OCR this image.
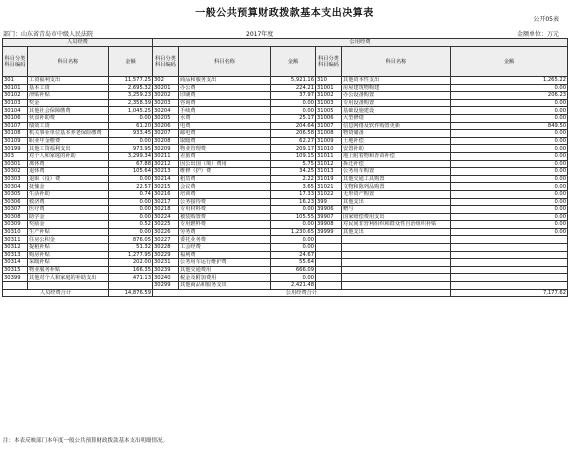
一般公共预算财政拨款基本支出决算表
公开05表
部门：山东省青岛市中级人民法院	2017年度	金额单位：万元
人员经费			公用经费					
科目分类科目编码	科目名称	金额	科目分类科目编码	科目名称	金额	科目分类科目编码	科目名称	金额
301	工资福利支出	11,577.25	302	商品和服务支出	5,921.16	310	其他资本性支出	1,265.22
30101	基本工资	2,695.32	30201	办公费	224.21	31001	房屋建筑物购建	0.00
30102	津贴补贴	3,259.23	30202	印刷费	37.97	31002	办公设备购置	206.23
30103	奖金	2,358.39	30203	咨询费	0.00	31003	专用设备购置	0.00
30104	其他社会保障缴费	1,045.25	30204	手续费	0.00	31005	基础设施建设	0.00
30106	伙食补助费	0.00	30205	水费	25.17	31006	大型修缮	0.00
30107	绩效工资	61.20	30206	电费	204.64	31007	信息网络及软件购置更新	849.50
30108	机关事业单位基本养老保险缴费	933.45	30207	邮电费	206.58	31008	物资储备	0.00
30109	职业年金缴费	0.00	30208	取暖费	62.27	31009	土地补偿	0.00
30199	其他工资福利支出	973.95	30209	物业管理费	209.17	31010	安置补助	0.00
303	对个人和家庭的补助	3,299.34	30211	差旅费	109.15	31011	地上附着物和青苗补偿	0.00
30301	离休费	67.88	30212	因公出国（境）费用	5.75	31012	拆迁补偿	0.00
30302	退休费	105.64	30213	维修（护）费	34.25	31013	公务用车购置	0.00
30303	退职（役）费	0.00	30214	租赁费	2.22	31019	其他交通工具购置	0.00
30304	抚恤金	22.57	30215	会议费	3.65	31021	文物和陈列品购置	0.00
30305	生活补助	0.74	30216	培训费	17.33	31022	无形资产购置	0.00
30306	救济费	0.00	30217	公务接待费	16.23	399	其他支出	0.00
30307	医疗费	0.00	30218	专用材料费	0.00	39906	赠与	0.00
30308	助学金	0.00	30224	被装购置费	105.55	39907	国家赔偿费用支出	0.00
30309	奖励金	0.52	30225	专用燃料费	0.00	39908	对民间非营利组织和群众性自治组织补贴	0.00
30310	生产补贴	0.00	30226	劳务费	1,230.65	39999	其他支出	0.00
30311	住房公积金	876.05	30227	委托业务费	0.00			
30312	提租补贴	51.32	30228	工会经费	0.00			
30313	购房补贴	1,277.95	30229	福利费	24.67			
30314	采暖补贴	202.00	30231	公务用车运行维护费	55.64			
30315	物业服务补贴	166.35	30239	其他交通费用	666.09			
30399	其他对个人和家庭的补助支出	471.13	30240	税金及附加费用	0.00			
			30299	其他商品和服务支出	2,421.48			
人员经费合计		14,876.59	公用经费合计					7,177.62
注：本表反映部门本年度一般公共预算财政拨款基本支出明细情况。
